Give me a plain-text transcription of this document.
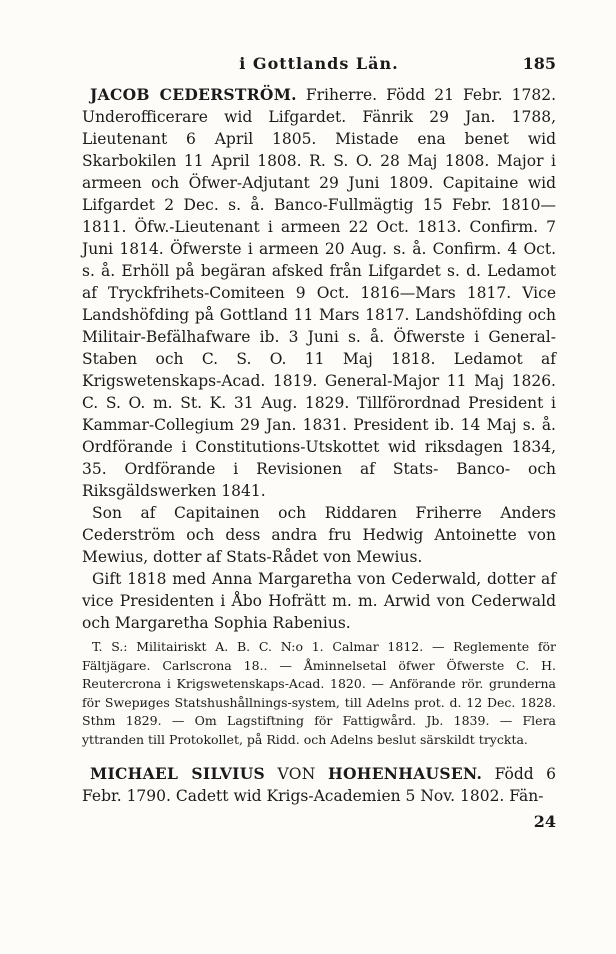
i Gottlands Län.	185

JACOB CEDERSTRÖM. Friherre. Född 21 Febr. 1782. Underofficerare wid Lifgardet. Fänrik 29 Jan. 1788, Lieutenant 6 April 1805. Mistade ena benet wid Skarbokilen 11 April 1808. R. S. O. 28 Maj 1808. Major i armeen och Öfwer-Adjutant 29 Juni 1809. Capitaine wid Lifgardet 2 Dec. s. å. Banco-Fullmägtig 15 Febr. 1810—1811. Öfw.-Lieutenant i armeen 22 Oct. 1813. Confirm. 7 Juni 1814. Öfwerste i armeen 20 Aug. s. å. Confirm. 4 Oct. s. å. Erhöll på begäran afsked från Lifgardet s. d. Ledamot af Tryckfrihets-Comiteen 9 Oct. 1816—Mars 1817. Vice Landshöfding på Gottland 11 Mars 1817. Landshöfding och Militair-Befälhafware ib. 3 Juni s. å. Öfwerste i General-Staben och C. S. O. 11 Maj 1818. Ledamot af Krigswetenskaps-Acad. 1819. General-Major 11 Maj 1826. C. S. O. m. St. K. 31 Aug. 1829. Tillförordnad President i Kammar-Collegium 29 Jan. 1831. President ib. 14 Maj s. å. Ordförande i Constitutions-Utskottet wid riksdagen 1834, 35. Ordförande i Revisionen af Stats- Banco- och Riksgäldswerken 1841.

Son af Capitainen och Riddaren Friherre Anders Cederström och dess andra fru Hedwig Antoinette von Mewius, dotter af Stats-Rådet von Mewius.

Gift 1818 med Anna Margaretha von Cederwald, dotter af vice Presidenten i Åbo Hofrätt m. m. Arwid von Cederwald och Margaretha Sophia Rabenius.

T. S.: Militairiskt A. B. C. N:o 1. Calmar 1812. — Reglemente för Fältjägare. Carlscrona 18.. — Åminnelsetal öfwer Öfwerste C. H. Reutercrona i Krigswetenskaps-Acad. 1820. — Anförande rör. grunderna för Swериges Statshushållnings-system, till Adelns prot. d. 12 Dec. 1828. Sthm 1829. — Om Lagstiftning för Fattigwård. Jb. 1839. — Flera yttranden till Protokollet, på Ridd. och Adelns beslut särskildt tryckta.

MICHAEL SILVIUS VON HOHENHAUSEN. Född 6 Febr. 1790. Cadett wid Krigs-Academien 5 Nov. 1802. Fän-

24
